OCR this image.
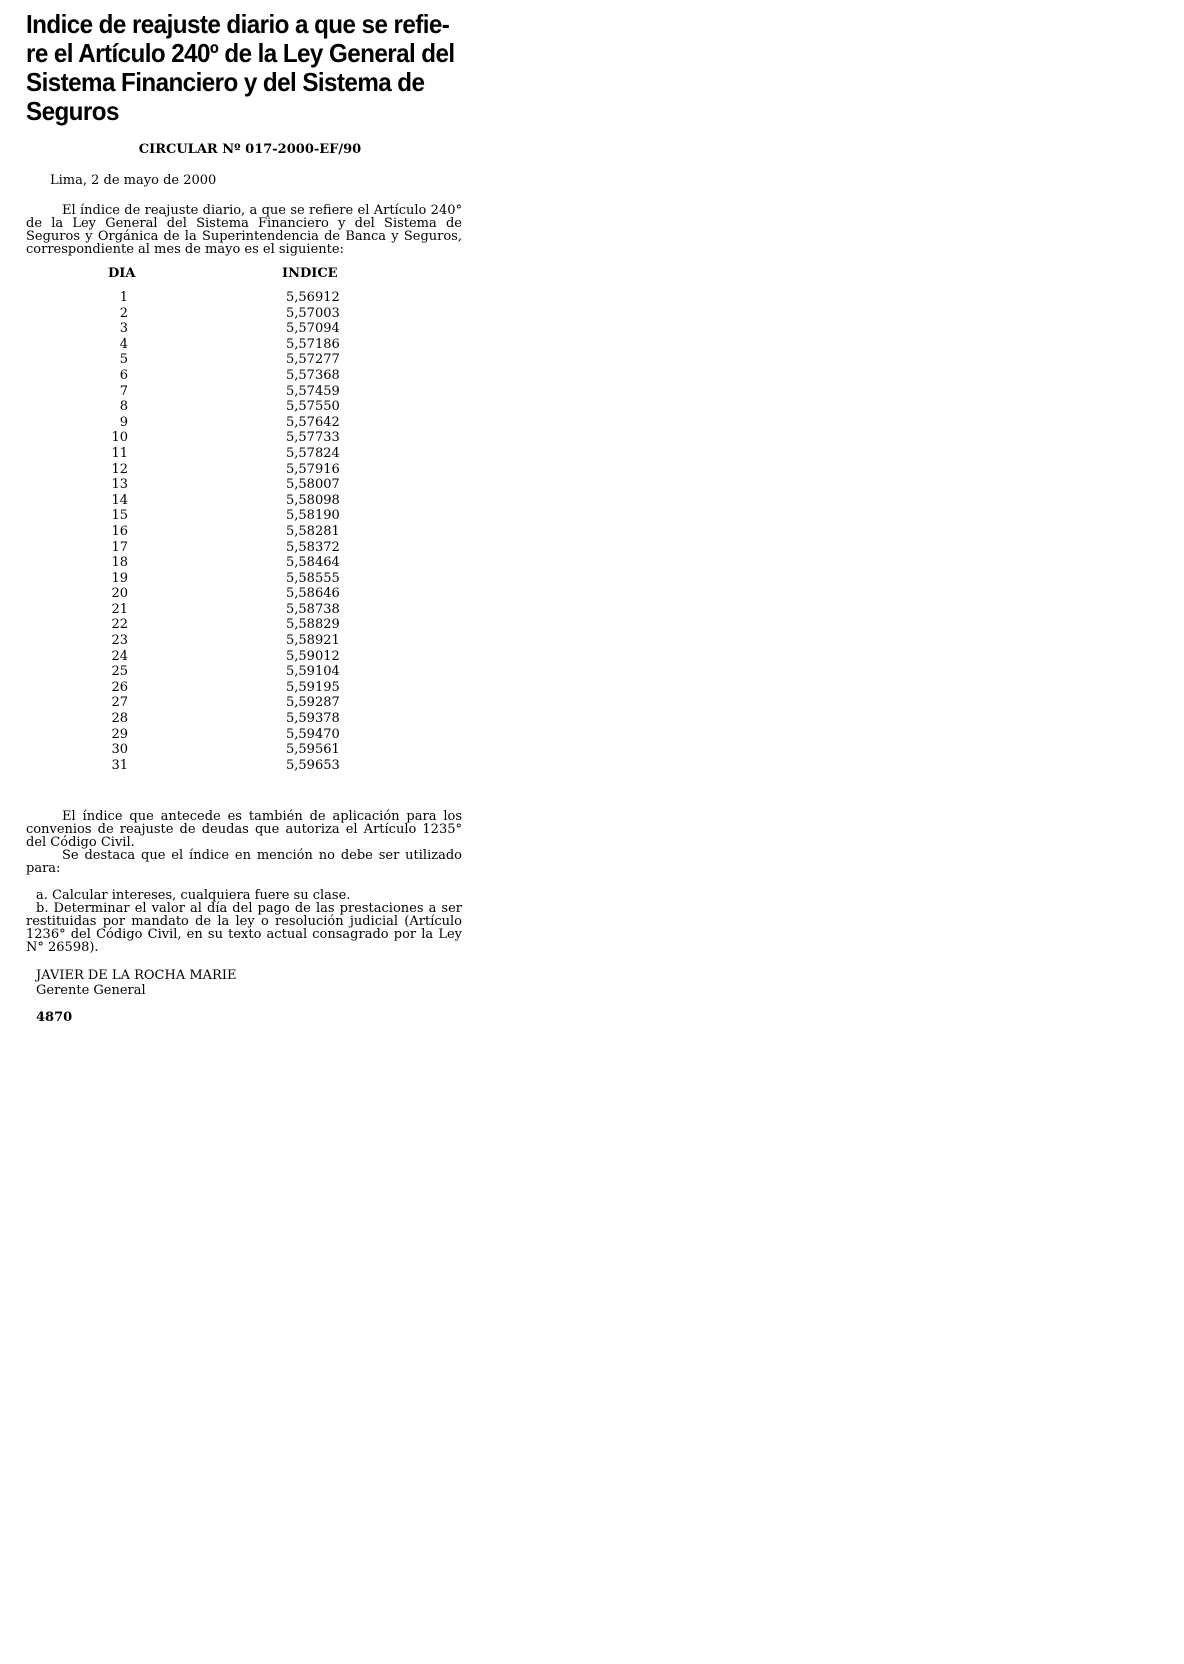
Indice de reajuste diario a que se refie-
re el Artículo 240º de la Ley General del
Sistema Financiero y del Sistema de
Seguros
CIRCULAR Nº 017-2000-EF/90
Lima, 2 de mayo de 2000

El índice de reajuste diario, a que se refiere el Artículo 240° de la Ley General del Sistema Financiero y del Sistema de Seguros y Orgánica de la Superintendencia de Banca y Seguros, correspondiente al mes de mayo es el siguiente:

DIA	INDICE
1	5,56912
2	5,57003
3	5,57094
4	5,57186
5	5,57277
6	5,57368
7	5,57459
8	5,57550
9	5,57642
10	5,57733
11	5,57824
12	5,57916
13	5,58007
14	5,58098
15	5,58190
16	5,58281
17	5,58372
18	5,58464
19	5,58555
20	5,58646
21	5,58738
22	5,58829
23	5,58921
24	5,59012
25	5,59104
26	5,59195
27	5,59287
28	5,59378
29	5,59470
30	5,59561
31	5,59653

El índice que antecede es también de aplicación para los convenios de reajuste de deudas que autoriza el Artículo 1235° del Código Civil.

Se destaca que el índice en mención no debe ser utilizado para:

a. Calcular intereses, cualquiera fuere su clase.

b. Determinar el valor al día del pago de las prestaciones a ser restituidas por mandato de la ley o resolución judicial (Artículo 1236° del Código Civil, en su texto actual consagrado por la Ley N° 26598).

JAVIER DE LA ROCHA MARIE
Gerente General
4870
